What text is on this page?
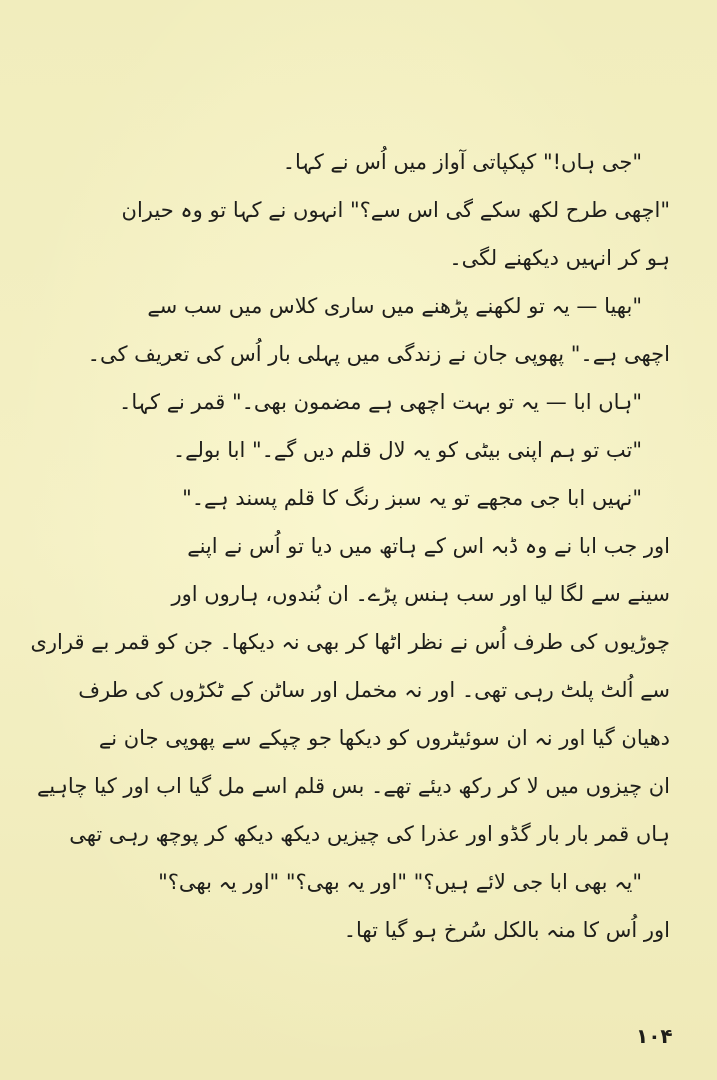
"جی ہاں!" کپکپاتی آواز میں اُس نے کہا۔
"اچھی طرح لکھ سکے گی اس سے؟" انہوں نے کہا تو وہ حیران
ہو کر انہیں دیکھنے لگی۔
"بھیا — یہ تو لکھنے پڑھنے میں ساری کلاس میں سب سے
اچھی ہے۔" پھوپی جان نے زندگی میں پہلی بار اُس کی تعریف کی۔
"ہاں ابا — یہ تو بہت اچھی ہے مضمون بھی۔" قمر نے کہا۔
"تب تو ہم اپنی بیٹی کو یہ لال قلم دیں گے۔" ابا بولے۔
"نہیں ابا جی مجھے تو یہ سبز رنگ کا قلم پسند ہے۔"
اور جب ابا نے وہ ڈبہ اس کے ہاتھ میں دیا تو اُس نے اپنے
سینے سے لگا لیا اور سب ہنس پڑے۔ ان بُندوں، ہاروں اور
چوڑیوں کی طرف اُس نے نظر اٹھا کر بھی نہ دیکھا۔ جن کو قمر بے قراری
سے اُلٹ پلٹ رہی تھی۔ اور نہ مخمل اور ساٹن کے ٹکڑوں کی طرف
دھیان گیا اور نہ ان سوئیٹروں کو دیکھا جو چپکے سے پھوپی جان نے
ان چیزوں میں لا کر رکھ دیئے تھے۔ بس قلم اسے مل گیا اب اور کیا چاہیے
ہاں قمر بار بار گڈو اور عذرا کی چیزیں دیکھ دیکھ کر پوچھ رہی تھی
"یہ بھی ابا جی لائے ہیں؟" "اور یہ بھی؟" "اور یہ بھی؟"
اور اُس کا منہ بالکل سُرخ ہو گیا تھا۔
۱۰۴
